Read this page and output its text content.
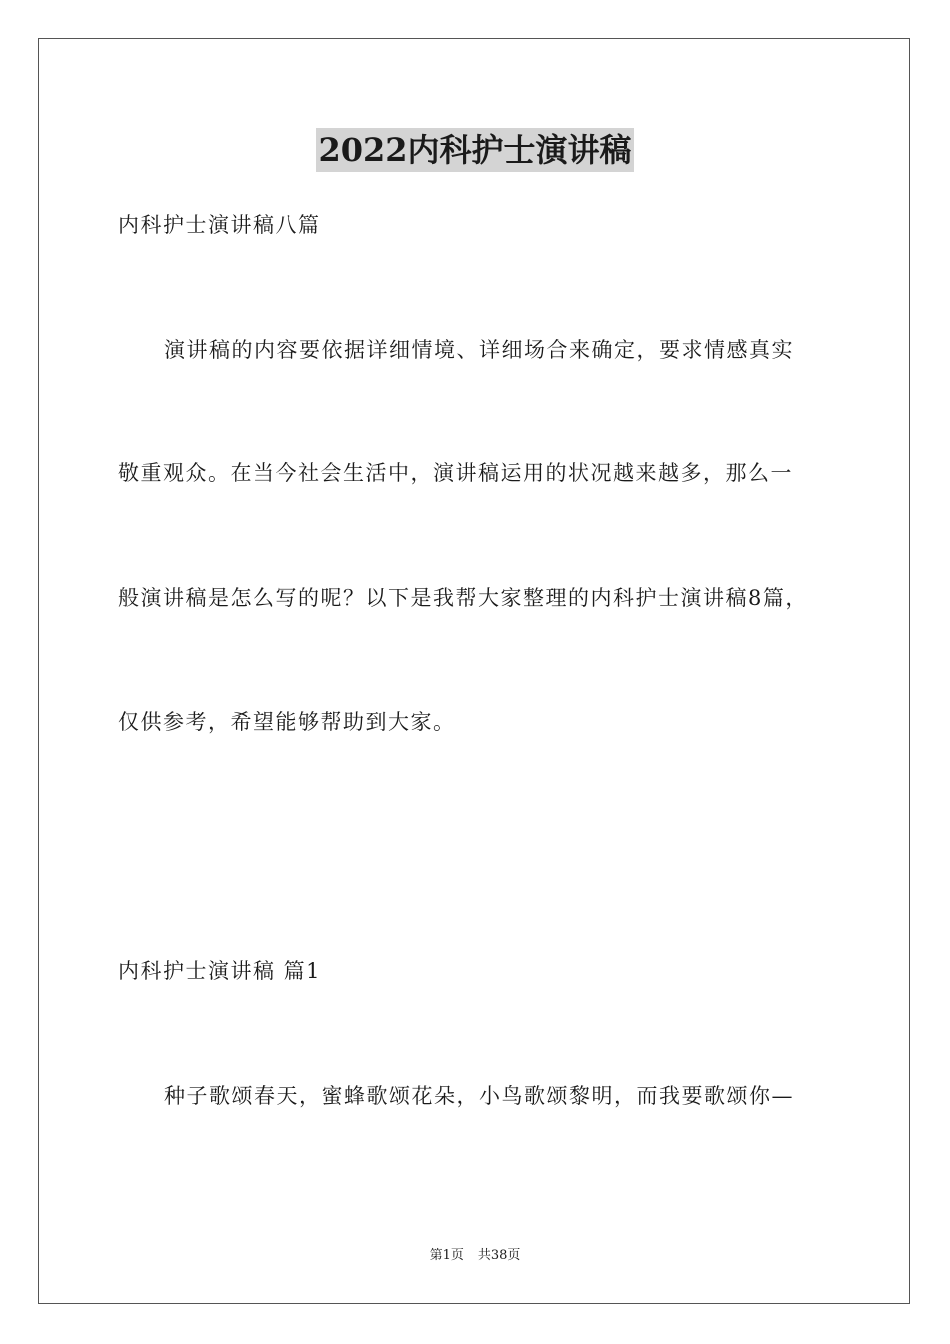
2022内科护士演讲稿
内科护士演讲稿八篇
演讲稿的内容要依据详细情境、详细场合来确定，要求情感真实
敬重观众。在当今社会生活中，演讲稿运用的状况越来越多，那么一
般演讲稿是怎么写的呢？以下是我帮大家整理的内科护士演讲稿8篇，
仅供参考，希望能够帮助到大家。
内科护士演讲稿 篇1
种子歌颂春天，蜜蜂歌颂花朵，小鸟歌颂黎明，而我要歌颂你—
第1页 共38页
